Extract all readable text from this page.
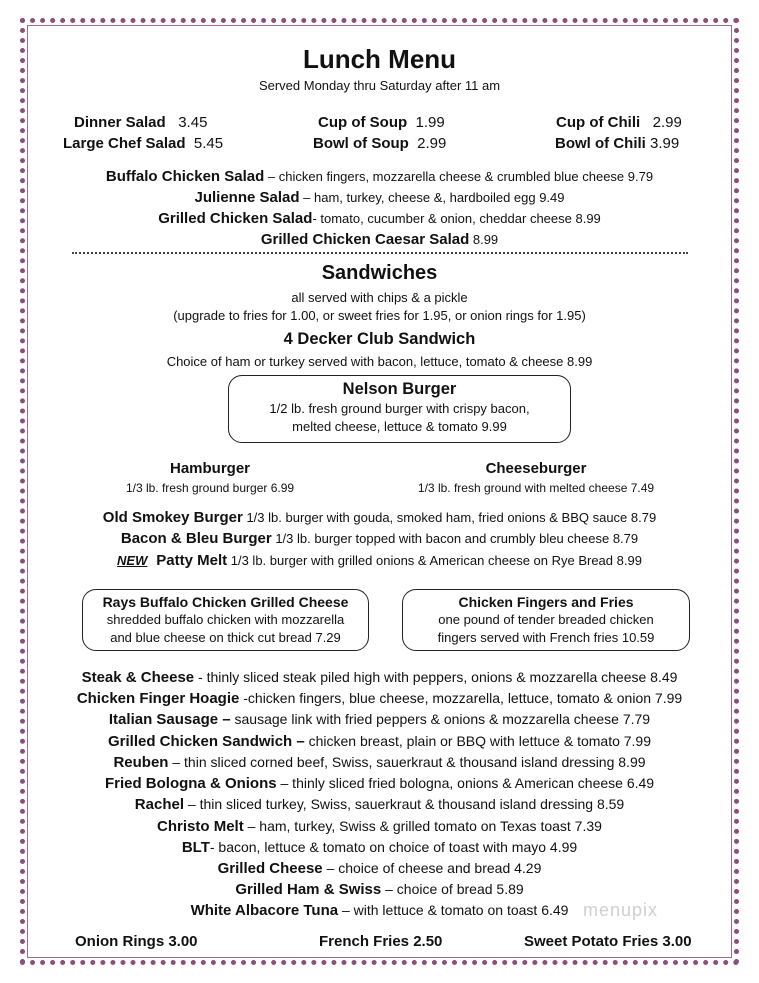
Lunch Menu
Served Monday thru Saturday after 11 am
Dinner Salad 3.45
Large Chef Salad 5.45
Cup of Soup 1.99
Bowl of Soup 2.99
Cup of Chili 2.99
Bowl of Chili 3.99
Buffalo Chicken Salad – chicken fingers, mozzarella cheese & crumbled blue cheese 9.79
Julienne Salad – ham, turkey, cheese &, hardboiled egg 9.49
Grilled Chicken Salad- tomato, cucumber & onion, cheddar cheese 8.99
Grilled Chicken Caesar Salad 8.99
Sandwiches
all served with chips & a pickle
(upgrade to fries for 1.00, or sweet fries for 1.95, or onion rings for 1.95)
4 Decker Club Sandwich
Choice of ham or turkey served with bacon, lettuce, tomato & cheese 8.99
Nelson Burger
1/2 lb. fresh ground burger with crispy bacon,
melted cheese, lettuce & tomato 9.99
Hamburger
1/3 lb. fresh ground burger 6.99
Cheeseburger
1/3 lb. fresh ground with melted cheese 7.49
Old Smokey Burger 1/3 lb. burger with gouda, smoked ham, fried onions & BBQ sauce 8.79
Bacon & Bleu Burger 1/3 lb. burger topped with bacon and crumbly bleu cheese 8.79
NEW Patty Melt 1/3 lb. burger with grilled onions & American cheese on Rye Bread 8.99
Rays Buffalo Chicken Grilled Cheese
shredded buffalo chicken with mozzarella
and blue cheese on thick cut bread 7.29
Chicken Fingers and Fries
one pound of tender breaded chicken
fingers served with French fries 10.59
Steak & Cheese - thinly sliced steak piled high with peppers, onions & mozzarella cheese 8.49
Chicken Finger Hoagie -chicken fingers, blue cheese, mozzarella, lettuce, tomato & onion 7.99
Italian Sausage – sausage link with fried peppers & onions & mozzarella cheese 7.79
Grilled Chicken Sandwich – chicken breast, plain or BBQ with lettuce & tomato 7.99
Reuben – thin sliced corned beef, Swiss, sauerkraut & thousand island dressing 8.99
Fried Bologna & Onions – thinly sliced fried bologna, onions & American cheese 6.49
Rachel – thin sliced turkey, Swiss, sauerkraut & thousand island dressing 8.59
Christo Melt – ham, turkey, Swiss & grilled tomato on Texas toast 7.39
BLT- bacon, lettuce & tomato on choice of toast with mayo 4.99
Grilled Cheese – choice of cheese and bread 4.29
Grilled Ham & Swiss – choice of bread 5.89
White Albacore Tuna – with lettuce & tomato on toast 6.49 menupix
Onion Rings 3.00	French Fries 2.50	Sweet Potato Fries 3.00
